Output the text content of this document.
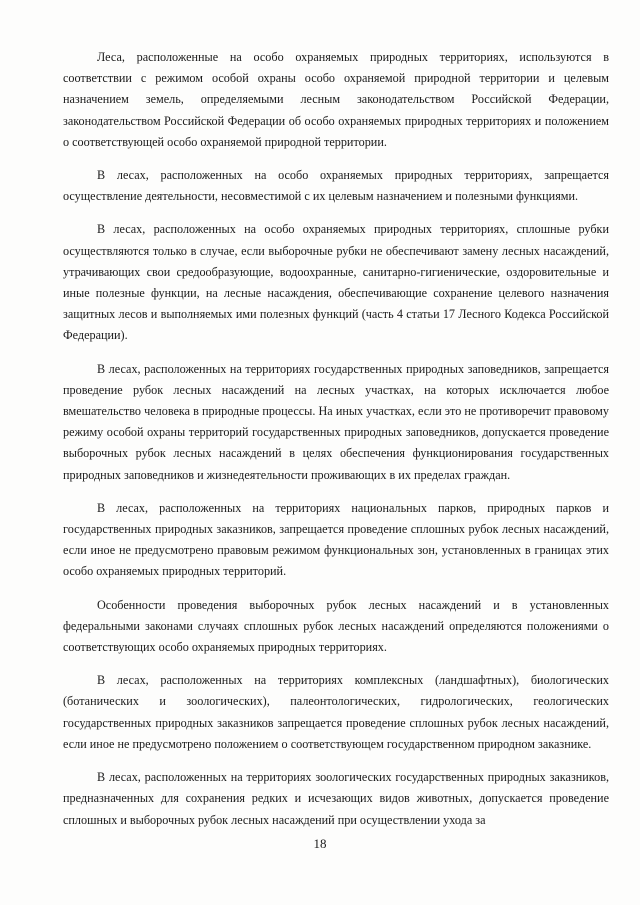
Леса, расположенные на особо охраняемых природных территориях, используются в соответствии с режимом особой охраны особо охраняемой природной территории и целевым назначением земель, определяемыми лесным законодательством Российской Федерации, законодательством Российской Федерации об особо охраняемых природных территориях и положением о соответствующей особо охраняемой природной территории.

В лесах, расположенных на особо охраняемых природных территориях, запрещается осуществление деятельности, несовместимой с их целевым назначением и полезными функциями.

В лесах, расположенных на особо охраняемых природных территориях, сплошные рубки осуществляются только в случае, если выборочные рубки не обеспечивают замену лесных насаждений, утрачивающих свои средообразующие, водоохранные, санитарно-гигиенические, оздоровительные и иные полезные функции, на лесные насаждения, обеспечивающие сохранение целевого назначения защитных лесов и выполняемых ими полезных функций (часть 4 статьи 17 Лесного Кодекса Российской Федерации).

В лесах, расположенных на территориях государственных природных заповедников, запрещается проведение рубок лесных насаждений на лесных участках, на которых исключается любое вмешательство человека в природные процессы. На иных участках, если это не противоречит правовому режиму особой охраны территорий государственных природных заповедников, допускается проведение выборочных рубок лесных насаждений в целях обеспечения функционирования государственных природных заповедников и жизнедеятельности проживающих в их пределах граждан.

В лесах, расположенных на территориях национальных парков, природных парков и государственных природных заказников, запрещается проведение сплошных рубок лесных насаждений, если иное не предусмотрено правовым режимом функциональных зон, установленных в границах этих особо охраняемых природных территорий.

Особенности проведения выборочных рубок лесных насаждений и в установленных федеральными законами случаях сплошных рубок лесных насаждений определяются положениями о соответствующих особо охраняемых природных территориях.

В лесах, расположенных на территориях комплексных (ландшафтных), биологических (ботанических и зоологических), палеонтологических, гидрологических, геологических государственных природных заказников запрещается проведение сплошных рубок лесных насаждений, если иное не предусмотрено положением о соответствующем государственном природном заказнике.

В лесах, расположенных на территориях зоологических государственных природных заказников, предназначенных для сохранения редких и исчезающих видов животных, допускается проведение сплошных и выборочных рубок лесных насаждений при осуществлении ухода за

18
